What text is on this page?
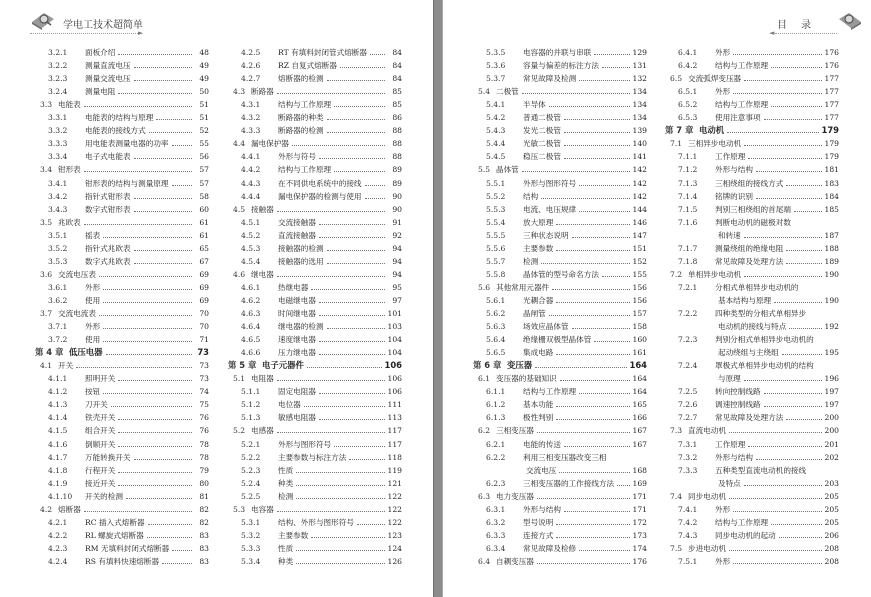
学电工技术超简单
►
3.2.1	面板介绍	48
3.2.2	测量直流电压	49
3.2.3	测量交流电压	49
3.2.4	测量电阻	50
3.3 电能表	51
3.3.1	电能表的结构与原理	51
3.3.2	电能表的接线方式	52
3.3.3	用电能表测量电器的功率	55
3.3.4	电子式电能表	56
3.4 钳形表	57
3.4.1	钳形表的结构与测量原理	57
3.4.2	指针式钳形表	58
3.4.3	数字式钳形表	60
3.5 兆欧表	61
3.5.1	摇表	61
3.5.2	指针式兆欧表	65
3.5.3	数字式兆欧表	67
3.6 交流电压表	69
3.6.1	外形	69
3.6.2	使用	69
3.7 交流电流表	70
3.7.1	外形	70
3.7.2	使用	71
第 4 章 低压电器	73
4.1 开关	73
4.1.1	照明开关	73
4.1.2	按钮	74
4.1.3	刀开关	75
4.1.4	铁壳开关	76
4.1.5	组合开关	76
4.1.6	倒顺开关	78
4.1.7	万能转换开关	78
4.1.8	行程开关	79
4.1.9	接近开关	80
4.1.10	开关的检测	81
4.2 熔断器	82
4.2.1	RC 插入式熔断器	82
4.2.2	RL 螺旋式熔断器	83
4.2.3	RM 无填料封闭式熔断器	83
4.2.4	RS 有填料快速熔断器	83
4.2.5	RT 有填料封闭管式熔断器	84
4.2.6	RZ 自复式熔断器	84
4.2.7	熔断器的检测	84
4.3 断路器	85
4.3.1	结构与工作原理	85
4.3.2	断路器的种类	86
4.3.3	断路器的检测	88
4.4 漏电保护器	88
4.4.1	外形与符号	88
4.4.2	结构与工作原理	89
4.4.3	在不同供电系统中的接线	89
4.4.4	漏电保护器的检测与使用	90
4.5 接触器	90
4.5.1	交流接触器	91
4.5.2	直流接触器	92
4.5.3	接触器的检测	94
4.5.4	接触器的选用	94
4.6 继电器	94
4.6.1	热继电器	95
4.6.2	电磁继电器	97
4.6.3	时间继电器	101
4.6.4	继电器的检测	103
4.6.5	速度继电器	104
4.6.6	压力继电器	104
第 5 章 电子元器件	106
5.1 电阻器	106
5.1.1	固定电阻器	106
5.1.2	电位器	111
5.1.3	敏感电阻器	113
5.2 电感器	117
5.2.1	外形与图形符号	117
5.2.2	主要参数与标注方法	118
5.2.3	性质	119
5.2.4	种类	121
5.2.5	检测	122
5.3 电容器	122
5.3.1	结构、外形与图形符号	122
5.3.2	主要参数	123
5.3.3	性质	124
5.3.4	种类	126
目　录
◄
5.3.5	电容器的并联与串联	129
5.3.6	容量与偏差的标注方法	131
5.3.7	常见故障及检测	132
5.4 二极管	134
5.4.1	半导体	134
5.4.2	普通二极管	134
5.4.3	发光二极管	139
5.4.4	光敏二极管	140
5.4.5	稳压二极管	141
5.5 晶体管	142
5.5.1	外形与图形符号	142
5.5.2	结构	142
5.5.3	电流、电压规律	144
5.5.4	放大原理	146
5.5.5	三种状态说明	147
5.5.6	主要参数	151
5.5.7	检测	152
5.5.8	晶体管的型号命名方法	155
5.6 其他常用元器件	156
5.6.1	光耦合器	156
5.6.2	晶闸管	157
5.6.3	场效应晶体管	158
5.6.4	绝缘栅双极型晶体管	160
5.6.5	集成电路	161
第 6 章 变压器	164
6.1 变压器的基础知识	164
6.1.1	结构与工作原理	164
6.1.2	基本功能	165
6.1.3	极性判别	166
6.2 三相变压器	167
6.2.1	电能的传送	167
6.2.2	利用三相变压器改变三相
交流电压	168
6.2.3	三相变压器的工作接线方法 169
6.3 电力变压器	171
6.3.1	外形与结构	171
6.3.2	型号说明	172
6.3.3	连接方式	173
6.3.4	常见故障及检修	174
6.4 自耦变压器	176
6.4.1	外形	176
6.4.2	结构与工作原理	176
6.5 交流弧焊变压器	177
6.5.1	外形	177
6.5.2	结构与工作原理	177
6.5.3	使用注意事项	177
第 7 章 电动机	179
7.1 三相异步电动机	179
7.1.1	工作原理	179
7.1.2	外形与结构	181
7.1.3	三相绕组的接线方式	183
7.1.4	铭牌的识别	184
7.1.5	判别三相绕组的首尾端	185
7.1.6	判断电动机的磁极对数
和转速	187
7.1.7	测量绕组的绝缘电阻	188
7.1.8	常见故障及处理方法	189
7.2 单相异步电动机	190
7.2.1	分相式单相异步电动机的
基本结构与原理	190
7.2.2	四种类型的分相式单相异步
电动机的接线与特点	192
7.2.3	判别分相式单相异步电动机的
起动绕组与主绕组	195
7.2.4	罩极式单相异步电动机的结构
与原理	196
7.2.5	转向控制线路	197
7.2.6	调速控制线路	197
7.2.7	常见故障及处理方法	200
7.3 直流电动机	200
7.3.1	工作原理	201
7.3.2	外形与结构	202
7.3.3	五种类型直流电动机的接线
及特点	203
7.4 同步电动机	205
7.4.1	外形	205
7.4.2	结构与工作原理	205
7.4.3	同步电动机的起动	206
7.5 步进电动机	208
7.5.1	外形	208
